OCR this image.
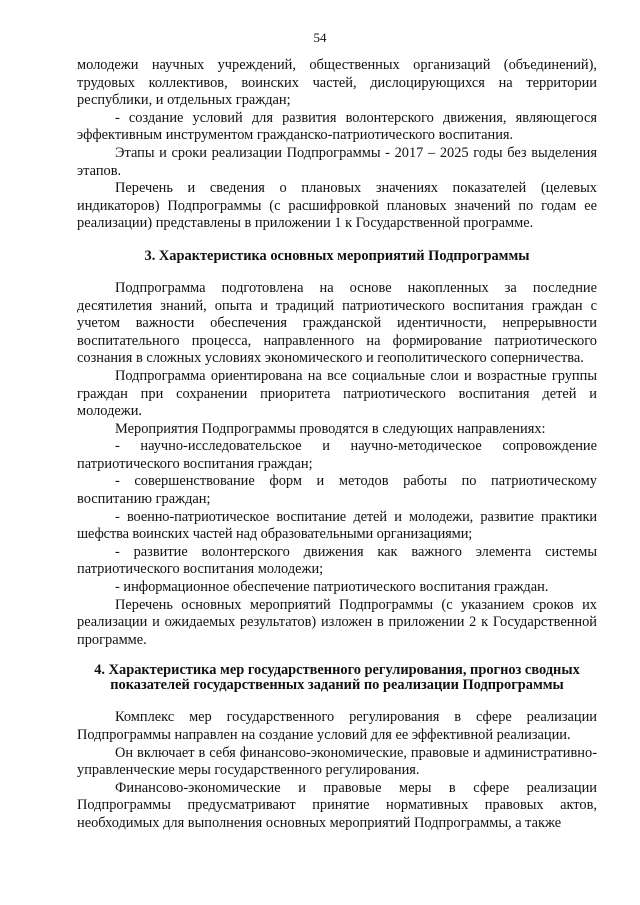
54

молодежи научных учреждений, общественных организаций (объединений), трудовых коллективов, воинских частей, дислоцирующихся на территории республики, и отдельных граждан;

- создание условий для развития волонтерского движения, являющегося эффективным инструментом гражданско-патриотического воспитания.

Этапы и сроки реализации Подпрограммы - 2017 – 2025 годы без выделения этапов.

Перечень и сведения о плановых значениях показателей (целевых индикаторов) Подпрограммы (с расшифровкой плановых значений по годам ее реализации) представлены в приложении 1 к Государственной программе.

3. Характеристика основных мероприятий Подпрограммы

Подпрограмма подготовлена на основе накопленных за последние десятилетия знаний, опыта и традиций патриотического воспитания граждан с учетом важности обеспечения гражданской идентичности, непрерывности воспитательного процесса, направленного на формирование патриотического сознания в сложных условиях экономического и геополитического соперничества.

Подпрограмма ориентирована на все социальные слои и возрастные группы граждан при сохранении приоритета патриотического воспитания детей и молодежи.

Мероприятия Подпрограммы проводятся в следующих направлениях:

- научно-исследовательское и научно-методическое сопровождение патриотического воспитания граждан;

- совершенствование форм и методов работы по патриотическому воспитанию граждан;

- военно-патриотическое воспитание детей и молодежи, развитие практики шефства воинских частей над образовательными организациями;

- развитие волонтерского движения как важного элемента системы патриотического воспитания молодежи;

- информационное обеспечение патриотического воспитания граждан.

Перечень основных мероприятий Подпрограммы (с указанием сроков их реализации и ожидаемых результатов) изложен в приложении 2 к Государственной программе.

4. Характеристика мер государственного регулирования, прогноз сводных
показателей государственных заданий по реализации Подпрограммы

Комплекс мер государственного регулирования в сфере реализации Подпрограммы направлен на создание условий для ее эффективной реализации.

Он включает в себя финансово-экономические, правовые и административно-управленческие меры государственного регулирования.

Финансово-экономические и правовые меры в сфере реализации Подпрограммы предусматривают принятие нормативных правовых актов, необходимых для выполнения основных мероприятий Подпрограммы, а также
